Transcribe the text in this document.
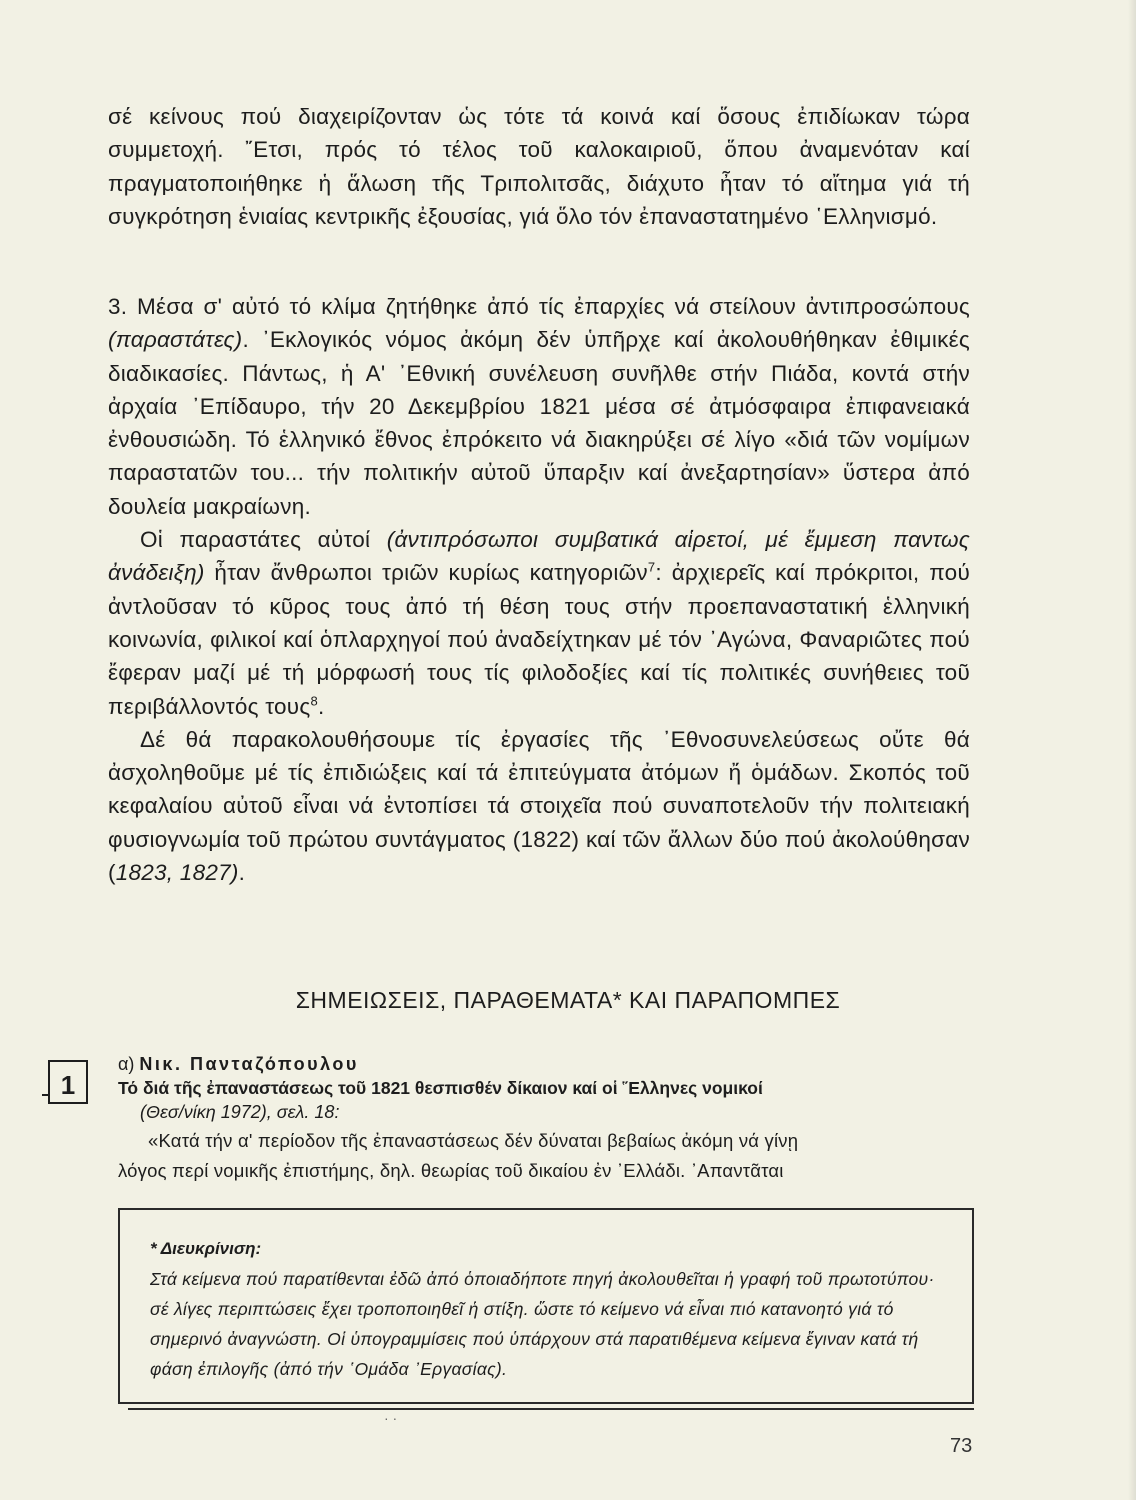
σέ κείνους πού διαχειρίζονταν ὡς τότε τά κοινά καί ὅσους ἐπιδίωκαν τώρα συμμετοχή. ῎Ετσι, πρός τό τέλος τοῦ καλοκαιριοῦ, ὅπου ἀναμενόταν καί πραγματοποιήθηκε ἡ ἅλωση τῆς Τριπολιτσᾶς, διάχυτο ἦταν τό αἴτημα γιά τή συγκρότηση ἑνιαίας κεντρικῆς ἐξουσίας, γιά ὅλο τόν ἐπαναστατημένο ῾Ελληνισμό.

3. Μέσα σ' αὐτό τό κλίμα ζητήθηκε ἀπό τίς ἐπαρχίες νά στείλουν ἀντιπροσώπους (παραστάτες). ᾿Εκλογικός νόμος ἀκόμη δέν ὑπῆρχε καί ἀκολουθήθηκαν ἐθιμικές διαδικασίες. Πάντως, ἡ Α' ᾿Εθνική συνέλευση συνῆλθε στήν Πιάδα, κοντά στήν ἀρχαία ᾿Επίδαυρο, τήν 20 Δεκεμβρίου 1821 μέσα σέ ἀτμόσφαιρα ἐπιφανειακά ἐνθουσιώδη. Τό ἑλληνικό ἔθνος ἐπρόκειτο νά διακηρύξει σέ λίγο «διά τῶν νομίμων παραστατῶν του... τήν πολιτικήν αὐτοῦ ὕπαρξιν καί ἀνεξαρτησίαν» ὕστερα ἀπό δουλεία μακραίωνη.

Οἱ παραστάτες αὐτοί (ἀντιπρόσωποι συμβατικά αἱρετοί, μέ ἔμμεση παντως ἀνάδειξη) ἦταν ἄνθρωποι τριῶν κυρίως κατηγοριῶν$^7$: ἀρχιερεῖς καί πρόκριτοι, πού ἀντλοῦσαν τό κῦρος τους ἀπό τή θέση τους στήν προεπαναστατική ἑλληνική κοινωνία, φιλικοί καί ὁπλαρχηγοί πού ἀναδείχτηκαν μέ τόν ᾿Αγώνα, Φαναριῶτες πού ἔφεραν μαζί μέ τή μόρφωσή τους τίς φιλοδοξίες καί τίς πολιτικές συνήθειες τοῦ περιβάλλοντός τους$^8$.

Δέ θά παρακολουθήσουμε τίς ἐργασίες τῆς ᾿Εθνοσυνελεύσεως οὔτε θά ἀσχοληθοῦμε μέ τίς ἐπιδιώξεις καί τά ἐπιτεύγματα ἀτόμων ἤ ὁμάδων. Σκοπός τοῦ κεφαλαίου αὐτοῦ εἶναι νά ἐντοπίσει τά στοιχεῖα πού συναποτελοῦν τήν πολιτειακή φυσιογνωμία τοῦ πρώτου συντάγματος (1822) καί τῶν ἄλλων δύο πού ἀκολούθησαν (1823, 1827).

ΣΗΜΕΙΩΣΕΙΣ, ΠΑΡΑΘΕΜΑΤΑ* ΚΑΙ ΠΑΡΑΠΟΜΠΕΣ
1
α) Νικ. Πανταζόπουλου
Τό διά τῆς ἐπαναστάσεως τοῦ 1821 θεσπισθέν δίκαιον καί οἱ ῞Ελληνες νομικοί
(Θεσ/νίκη 1972), σελ. 18:
«Κατά τήν α' περίοδον τῆς ἐπαναστάσεως δέν δύναται βεβαίως ἀκόμη νά γίνῃ
λόγος περί νομικῆς ἐπιστήμης, δηλ. θεωρίας τοῦ δικαίου ἐν ᾿Ελλάδι. ᾿Απαντᾶται
* Διευκρίνιση:
Στά κείμενα πού παρατίθενται ἐδῶ ἀπό ὁποιαδήποτε πηγή ἀκολουθεῖται ἡ γραφή τοῦ πρωτοτύπου· σέ λίγες περιπτώσεις ἔχει τροποποιηθεῖ ἡ στίξη. ὥστε τό κείμενο νά εἶναι πιό κατανοητό γιά τό σημερινό ἀναγνώστη. Οἱ ὑπογραμμίσεις πού ὑπάρχουν στά παρατιθέμενα κείμενα ἔγιναν κατά τή φάση ἐπιλογῆς (ἀπό τήν ῾Ομάδα ᾿Εργασίας).
· ·
73
